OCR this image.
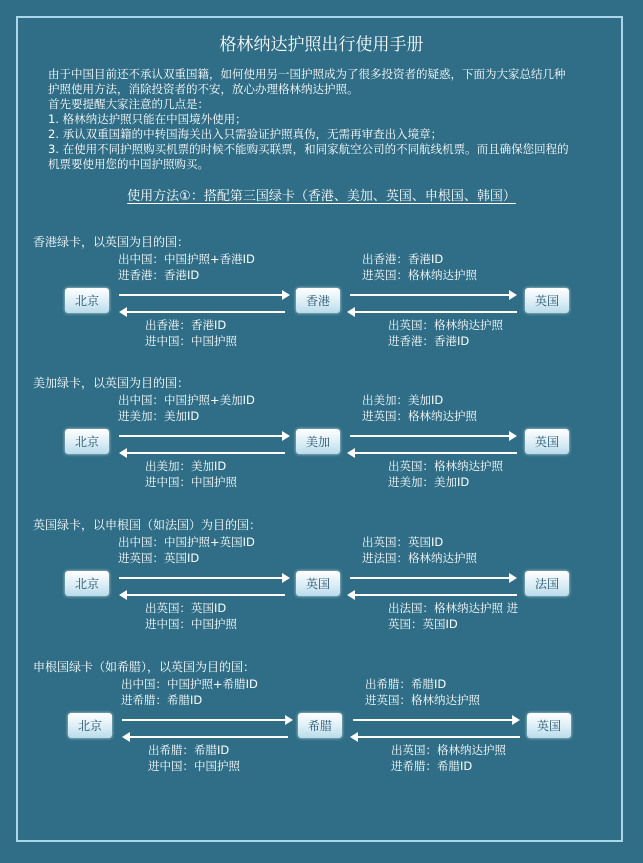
格林纳达护照出行使用手册
由于中国目前还不承认双重国籍，如何使用另一国护照成为了很多投资者的疑惑，下面为大家总结几种
护照使用方法，消除投资者的不安，放心办理格林纳达护照。
首先要提醒大家注意的几点是：
1. 格林纳达护照只能在中国境外使用；
2. 承认双重国籍的中转国海关出入只需验证护照真伪，无需再审查出入境章；
3. 在使用不同护照购买机票的时候不能购买联票，和同家航空公司的不同航线机票。而且确保您回程的
机票要使用您的中国护照购买。
使用方法①：搭配第三国绿卡（香港、美加、英国、申根国、韩国）
香港绿卡，以英国为目的国：
出中国：中国护照+香港ID
进香港：香港ID
出香港：香港ID
进英国：格林纳达护照
北京	香港	英国
出香港：香港ID
进中国：中国护照
出英国：格林纳达护照
进香港：香港ID
美加绿卡，以英国为目的国：
出中国：中国护照+美加ID
进美加：美加ID
出美加：美加ID
进英国：格林纳达护照
北京	美加	英国
出美加：美加ID
进中国：中国护照
出英国：格林纳达护照
进美加：美加ID
英国绿卡，以申根国（如法国）为目的国：
出中国：中国护照+英国ID
进英国：英国ID
出英国：英国ID
进法国：格林纳达护照
北京	英国	法国
出英国：英国ID
进中国：中国护照
出法国：格林纳达护照 进
英国：英国ID
申根国绿卡（如希腊），以英国为目的国：
出中国：中国护照+希腊ID
进希腊：希腊ID
出希腊：希腊ID
进英国：格林纳达护照
北京	希腊	英国
出希腊：希腊ID
进中国：中国护照
出英国：格林纳达护照
进希腊：希腊ID
